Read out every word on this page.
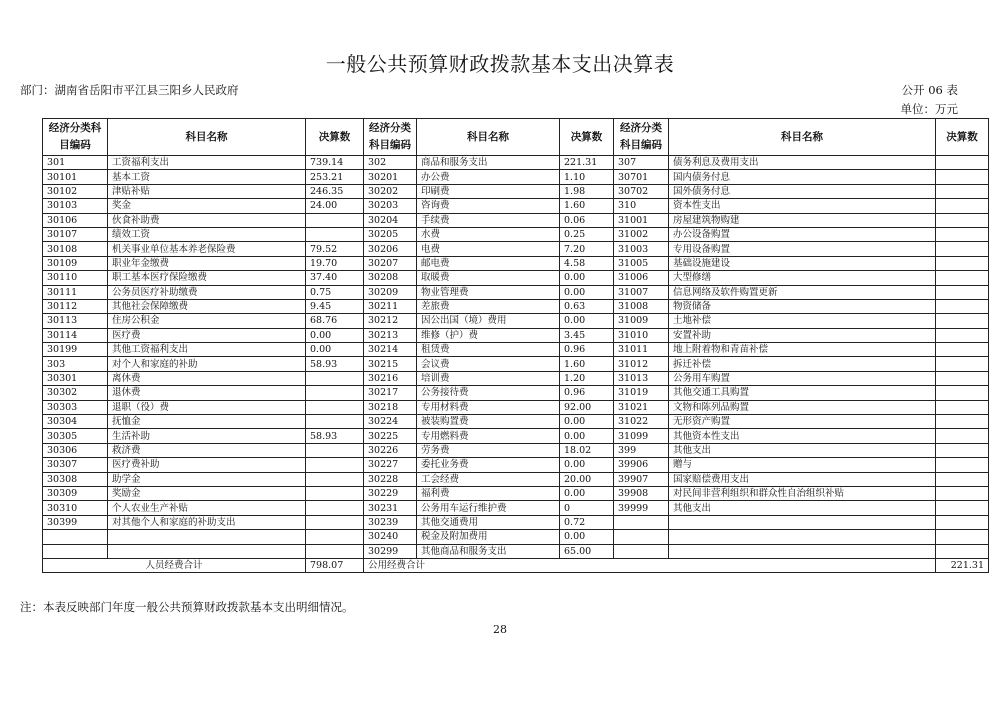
一般公共预算财政拨款基本支出决算表
部门：湖南省岳阳市平江县三阳乡人民政府	公开 06 表
单位：万元
经济分类科目编码	科目名称	决算数	经济分类科目编码	科目名称	决算数	经济分类科目编码	科目名称	决算数
301	工资福利支出	739.14	302	商品和服务支出	221.31	307	债务利息及费用支出	
30101	基本工资	253.21	30201	办公费	1.10	30701	国内债务付息	
30102	津贴补贴	246.35	30202	印刷费	1.98	30702	国外债务付息	
30103	奖金	24.00	30203	咨询费	1.60	310	资本性支出	
30106	伙食补助费		30204	手续费	0.06	31001	房屋建筑物购建	
30107	绩效工资		30205	水费	0.25	31002	办公设备购置	
30108	机关事业单位基本养老保险费	79.52	30206	电费	7.20	31003	专用设备购置	
30109	职业年金缴费	19.70	30207	邮电费	4.58	31005	基础设施建设	
30110	职工基本医疗保险缴费	37.40	30208	取暖费	0.00	31006	大型修缮	
30111	公务员医疗补助缴费	0.75	30209	物业管理费	0.00	31007	信息网络及软件购置更新	
30112	其他社会保障缴费	9.45	30211	差旅费	0.63	31008	物资储备	
30113	住房公积金	68.76	30212	因公出国（境）费用	0.00	31009	土地补偿	
30114	医疗费	0.00	30213	维修（护）费	3.45	31010	安置补助	
30199	其他工资福利支出	0.00	30214	租赁费	0.96	31011	地上附着物和青苗补偿	
303	对个人和家庭的补助	58.93	30215	会议费	1.60	31012	拆迁补偿	
30301	离休费		30216	培训费	1.20	31013	公务用车购置	
30302	退休费		30217	公务接待费	0.96	31019	其他交通工具购置	
30303	退职（役）费		30218	专用材料费	92.00	31021	文物和陈列品购置	
30304	抚恤金		30224	被装购置费	0.00	31022	无形资产购置	
30305	生活补助	58.93	30225	专用燃料费	0.00	31099	其他资本性支出	
30306	救济费		30226	劳务费	18.02	399	其他支出	
30307	医疗费补助		30227	委托业务费	0.00	39906	赠与	
30308	助学金		30228	工会经费	20.00	39907	国家赔偿费用支出	
30309	奖励金		30229	福利费	0.00	39908	对民间非营利组织和群众性自治组织补贴	
30310	个人农业生产补贴		30231	公务用车运行维护费	0	39999	其他支出	
30399	对其他个人和家庭的补助支出		30239	其他交通费用	0.72			
			30240	税金及附加费用	0.00			
			30299	其他商品和服务支出	65.00			
人员经费合计		798.07	公用经费合计					221.31
注：本表反映部门年度一般公共预算财政拨款基本支出明细情况。
28
